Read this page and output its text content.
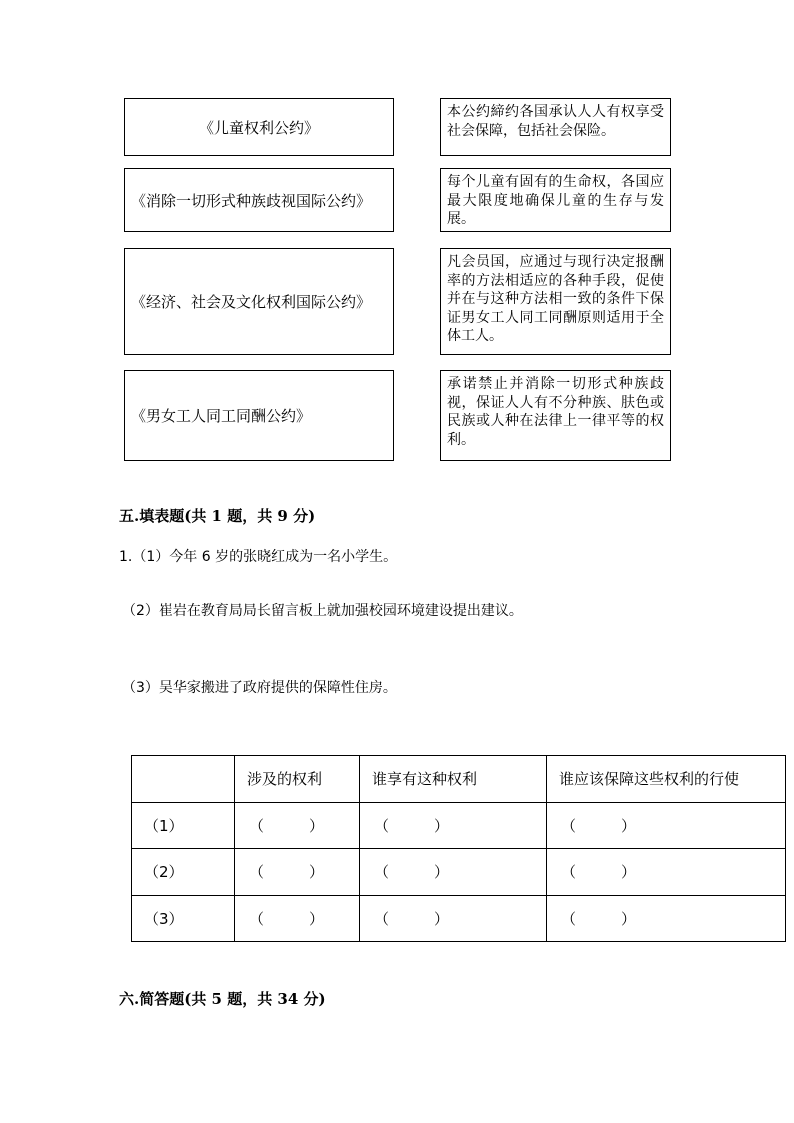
《儿童权利公约》
《消除一切形式种族歧视国际公约》
《经济、社会及文化权利国际公约》
《男女工人同工同酬公约》
本公约締约各国承认人人有权享受社会保障，包括社会保险。
每个儿童有固有的生命权，各国应最大限度地确保儿童的生存与发展。
凡会员国，应通过与现行决定报酬率的方法相适应的各种手段，促使并在与这种方法相一致的条件下保证男女工人同工同酬原则适用于全体工人。
承诺禁止并消除一切形式种族歧视，保证人人有不分种族、肤色或民族或人种在法律上一律平等的权利。
五.填表题(共 1 题，共 9 分)
1.（1）今年 6 岁的张晓红成为一名小学生。
（2）崔岩在教育局局长留言板上就加强校园环境建设提出建议。
（3）吴华家搬进了政府提供的保障性住房。
	涉及的权利	谁享有这种权利	谁应该保障这些权利的行使
（1）	（　　　）	（　　　）	（　　　）
（2）	（　　　）	（　　　）	（　　　）
（3）	（　　　）	（　　　）	（　　　）
六.简答题(共 5 题，共 34 分)
